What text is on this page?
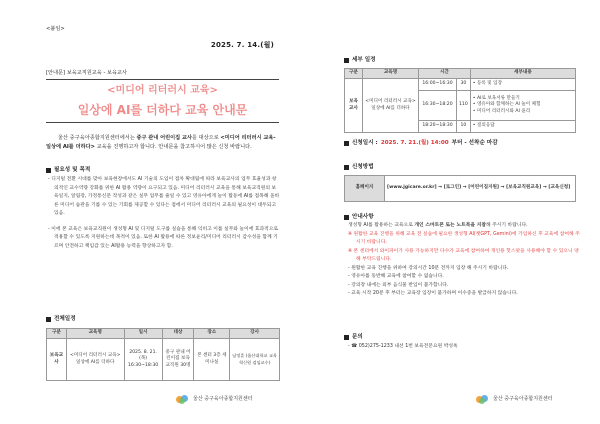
<붙임>
2025. 7. 14.(월)
[안내문] 보육교직원교육 - 보육교사
<미디어 리터러시 교육>
일상에 AI를 더하다 교육 안내문
울산 중구육아종합지원센터에서는 중구 관내 어린이집 교사를 대상으로 <미디어 리터러시 교육-일상에 AI를 더하다> 교육을 진행하고자 합니다. 안내문을 참고하시어 많은 신청 바랍니다.
필요성 및 목적

- 디지털 전환 시대를 맞아 보육현장에서도 AI 기술의 도입이 점차 확대됨에 따라 보육교사의 업무 효율성과 창의적인 교수역량 강화를 위한 AI 활용 역량이 요구되고 있음. 미디어 리터러시 교육을 통해 보육교직원의 보육일지, 알림장, 가정통신문 작성과 같은 실무 업무를 줄일 수 있고 영유아에게 놀이 활동에 AI를 접목해 올바른 미디어 습관을 기를 수 있는 기회를 제공할 수 있다는 점에서 미디어 리터러시 교육의 필요성이 대두되고 있음.

- 이에 본 교육은 보육교직원이 생성형 AI 및 디지털 도구를 실습을 통해 익히고 이를 실무와 놀이에 효과적으로 적용할 수 있도록 지원하는데 목적이 있음. 또한 AI 활용에 따른 정보윤리/미디어 리터러시 감수성을 함께 기르며 안전하고 책임감 있는 AI활용 능력을 향상하고자 함.

전체일정
구분	교육명	일시	대상	장소	강사
보육교사	<미디어 리터러시 교육> 일상에 AI를 더하다	2025. 8. 21.(목) 16:30~18:30	중구 관내 어린이집 보육교직원 30명	본 센터 3층 세미나실	남정훈 (울산대학교 교육혁신원 겸임교수)
울산 중구육아종합지원센터
세부 일정
구분	교육명	시간		세부내용
보육교사	<미디어 리터러시 교육> 일상에 AI를 더하다	16:00~16:30	30	• 등록 및 입장
		16:30~18:20	110	• AI로 보육서류 만들기
• 영유아와 함께하는 AI 놀이 체험
• 미디어 리터러시와 AI 윤리
		18:20~18:30	10	• 질의응답
신청일시 : 2025. 7. 21.(월) 14:00 부터 - 선착순 마감
신청방법
홈페이지	[www.jgicare.or.kr] → [로그인] → [어린이집지원] → [보육교직원교육] → [교육신청]
안내사항

생성형 AI를 활용하는 교육으로 개인 스마트폰 또는 노트북을 지참해 주시기 바랍니다.

※ 원활한 교육 진행을 위해 교육 전 실습에 필요한 생성형 AI(챗GPT, Gemini)에 가입하신 후 교육에 참여해 주시기 바랍니다.

※ 본 센터에서 와이파이가 사용 가능하지만 다수가 교육에 참여하여 개인용 핫스팟을 사용해야 할 수 있으니 양해 부탁드립니다.

- 원활한 교육 진행을 위하여 강의시간 10분 전까지 입장 해 주시기 바랍니다.

- 영유아를 동반해 교육에 참여할 수 없습니다.

- 강의장 내에는 외부 음식물 반입이 불가합니다.

- 교육 시작 20분 후 부터는 교육장 입장이 불가하며 이수증을 발급하지 않습니다.

문의

- ☎ 052)275-1233 내선 1번 보육전문요원 박성옥

울산 중구육아종합지원센터
